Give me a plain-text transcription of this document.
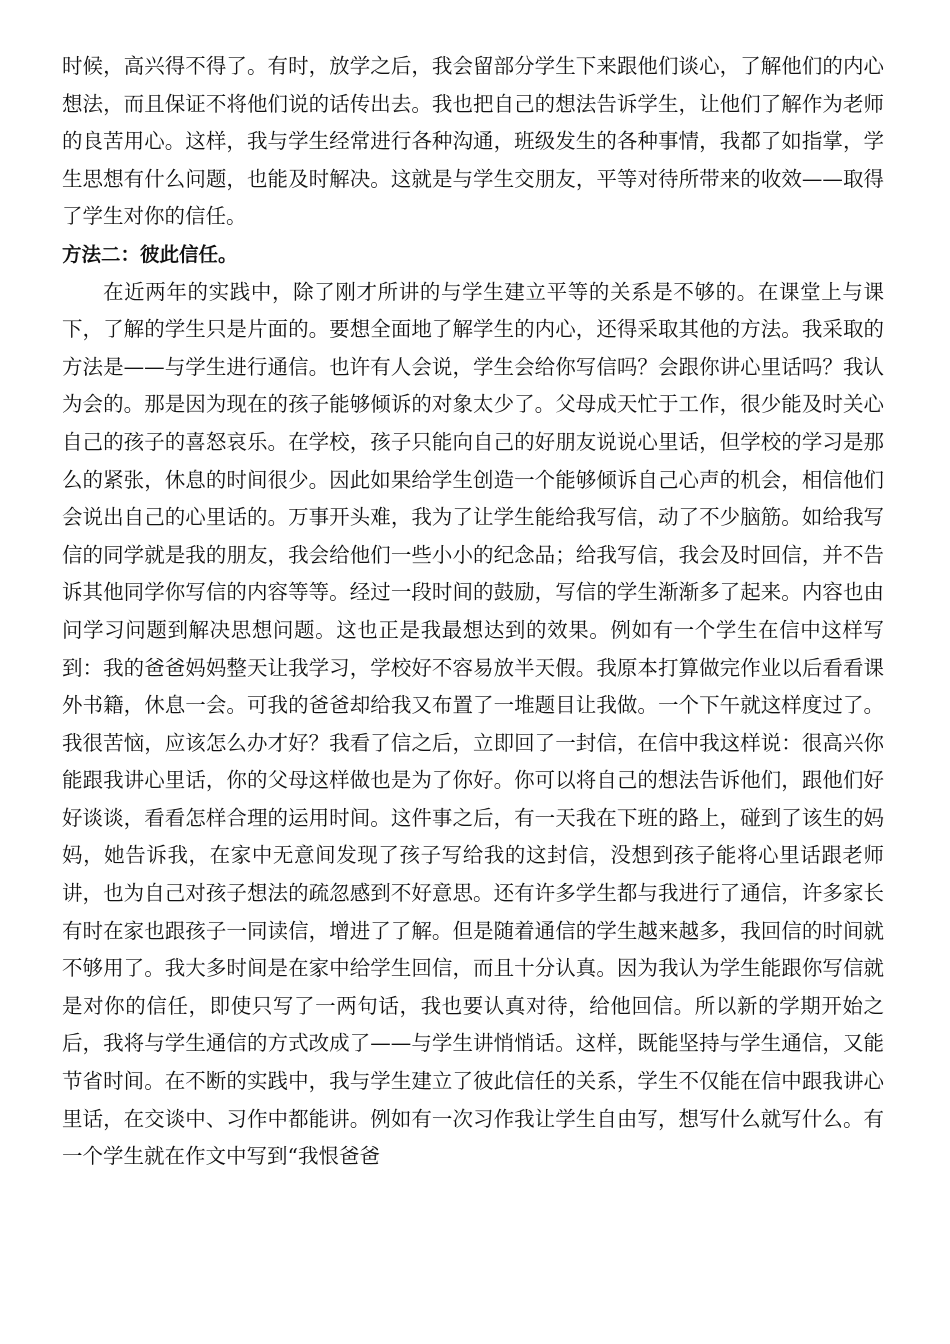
时候，高兴得不得了。有时，放学之后，我会留部分学生下来跟他们谈心，了解他们的内心想法，而且保证不将他们说的话传出去。我也把自己的想法告诉学生，让他们了解作为老师的良苦用心。这样，我与学生经常进行各种沟通，班级发生的各种事情，我都了如指掌，学生思想有什么问题，也能及时解决。这就是与学生交朋友，平等对待所带来的收效——取得了学生对你的信任。

方法二：彼此信任。

在近两年的实践中，除了刚才所讲的与学生建立平等的关系是不够的。在课堂上与课下，了解的学生只是片面的。要想全面地了解学生的内心，还得采取其他的方法。我采取的方法是——与学生进行通信。也许有人会说，学生会给你写信吗？会跟你讲心里话吗？我认为会的。那是因为现在的孩子能够倾诉的对象太少了。父母成天忙于工作，很少能及时关心自己的孩子的喜怒哀乐。在学校，孩子只能向自己的好朋友说说心里话，但学校的学习是那么的紧张，休息的时间很少。因此如果给学生创造一个能够倾诉自己心声的机会，相信他们会说出自己的心里话的。万事开头难，我为了让学生能给我写信，动了不少脑筋。如给我写信的同学就是我的朋友，我会给他们一些小小的纪念品；给我写信，我会及时回信，并不告诉其他同学你写信的内容等等。经过一段时间的鼓励，写信的学生渐渐多了起来。内容也由问学习问题到解决思想问题。这也正是我最想达到的效果。例如有一个学生在信中这样写到：我的爸爸妈妈整天让我学习，学校好不容易放半天假。我原本打算做完作业以后看看课外书籍，休息一会。可我的爸爸却给我又布置了一堆题目让我做。一个下午就这样度过了。我很苦恼，应该怎么办才好？我看了信之后，立即回了一封信，在信中我这样说：很高兴你能跟我讲心里话，你的父母这样做也是为了你好。你可以将自己的想法告诉他们，跟他们好好谈谈，看看怎样合理的运用时间。这件事之后，有一天我在下班的路上，碰到了该生的妈妈，她告诉我，在家中无意间发现了孩子写给我的这封信，没想到孩子能将心里话跟老师讲，也为自己对孩子想法的疏忽感到不好意思。还有许多学生都与我进行了通信，许多家长有时在家也跟孩子一同读信，增进了了解。但是随着通信的学生越来越多，我回信的时间就不够用了。我大多时间是在家中给学生回信，而且十分认真。因为我认为学生能跟你写信就是对你的信任，即使只写了一两句话，我也要认真对待，给他回信。所以新的学期开始之后，我将与学生通信的方式改成了——与学生讲悄悄话。这样，既能坚持与学生通信，又能节省时间。在不断的实践中，我与学生建立了彼此信任的关系，学生不仅能在信中跟我讲心里话，在交谈中、习作中都能讲。例如有一次习作我让学生自由写，想写什么就写什么。有一个学生就在作文中写到“我恨爸爸
